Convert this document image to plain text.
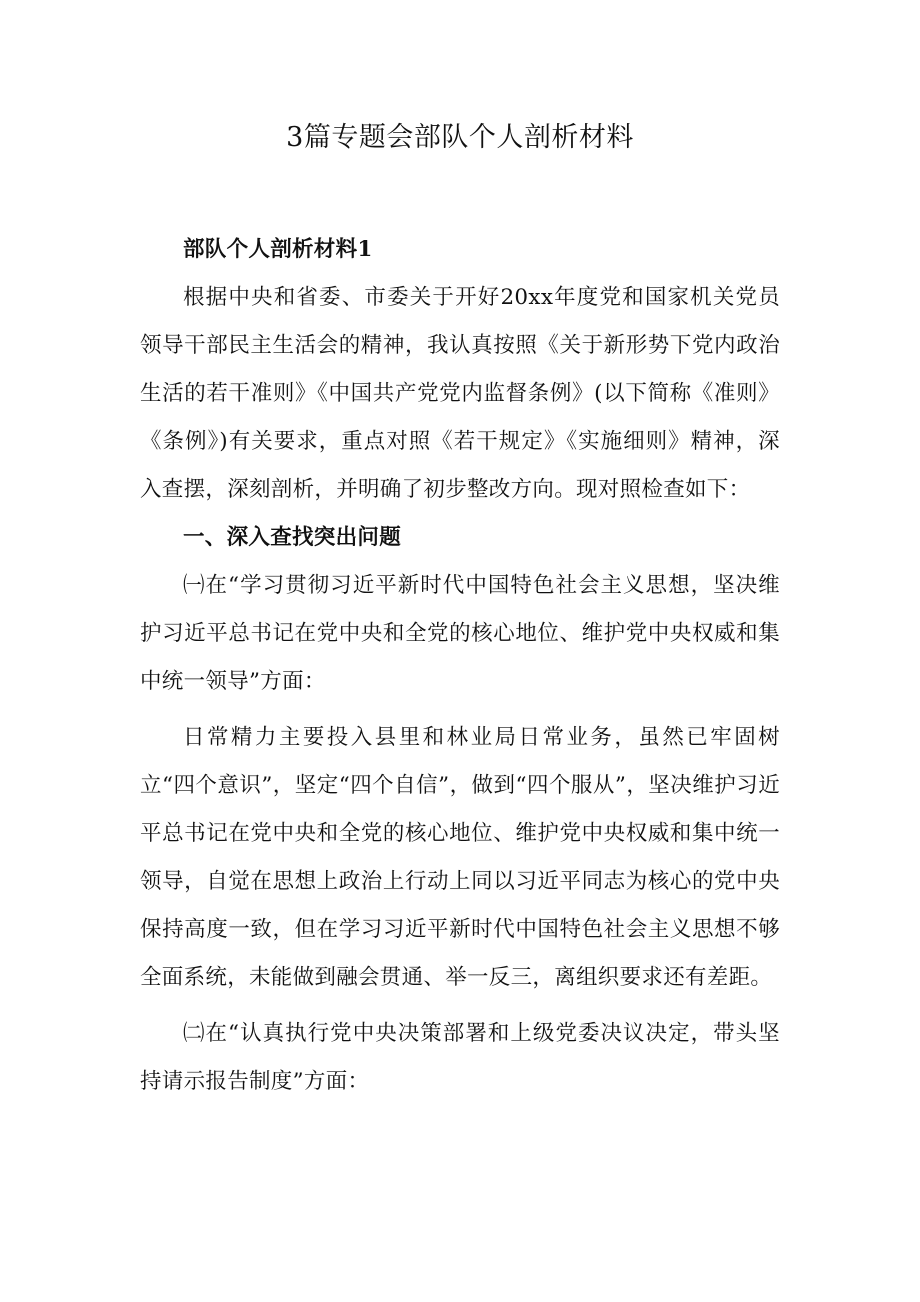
3篇专题会部队个人剖析材料

部队个人剖析材料1

根据中央和省委、市委关于开好20xx年度党和国家机关党员领导干部民主生活会的精神，我认真按照《关于新形势下党内政治生活的若干准则》《中国共产党党内监督条例》(以下简称《准则》《条例》)有关要求，重点对照《若干规定》《实施细则》精神，深入查摆，深刻剖析，并明确了初步整改方向。现对照检查如下：

一、深入查找突出问题

㈠在“学习贯彻习近平新时代中国特色社会主义思想，坚决维护习近平总书记在党中央和全党的核心地位、维护党中央权威和集中统一领导”方面：

日常精力主要投入县里和林业局日常业务，虽然已牢固树立“四个意识”，坚定“四个自信”，做到“四个服从”，坚决维护习近平总书记在党中央和全党的核心地位、维护党中央权威和集中统一领导，自觉在思想上政治上行动上同以习近平同志为核心的党中央保持高度一致，但在学习习近平新时代中国特色社会主义思想不够全面系统，未能做到融会贯通、举一反三，离组织要求还有差距。

㈡在“认真执行党中央决策部署和上级党委决议决定，带头坚持请示报告制度”方面：
